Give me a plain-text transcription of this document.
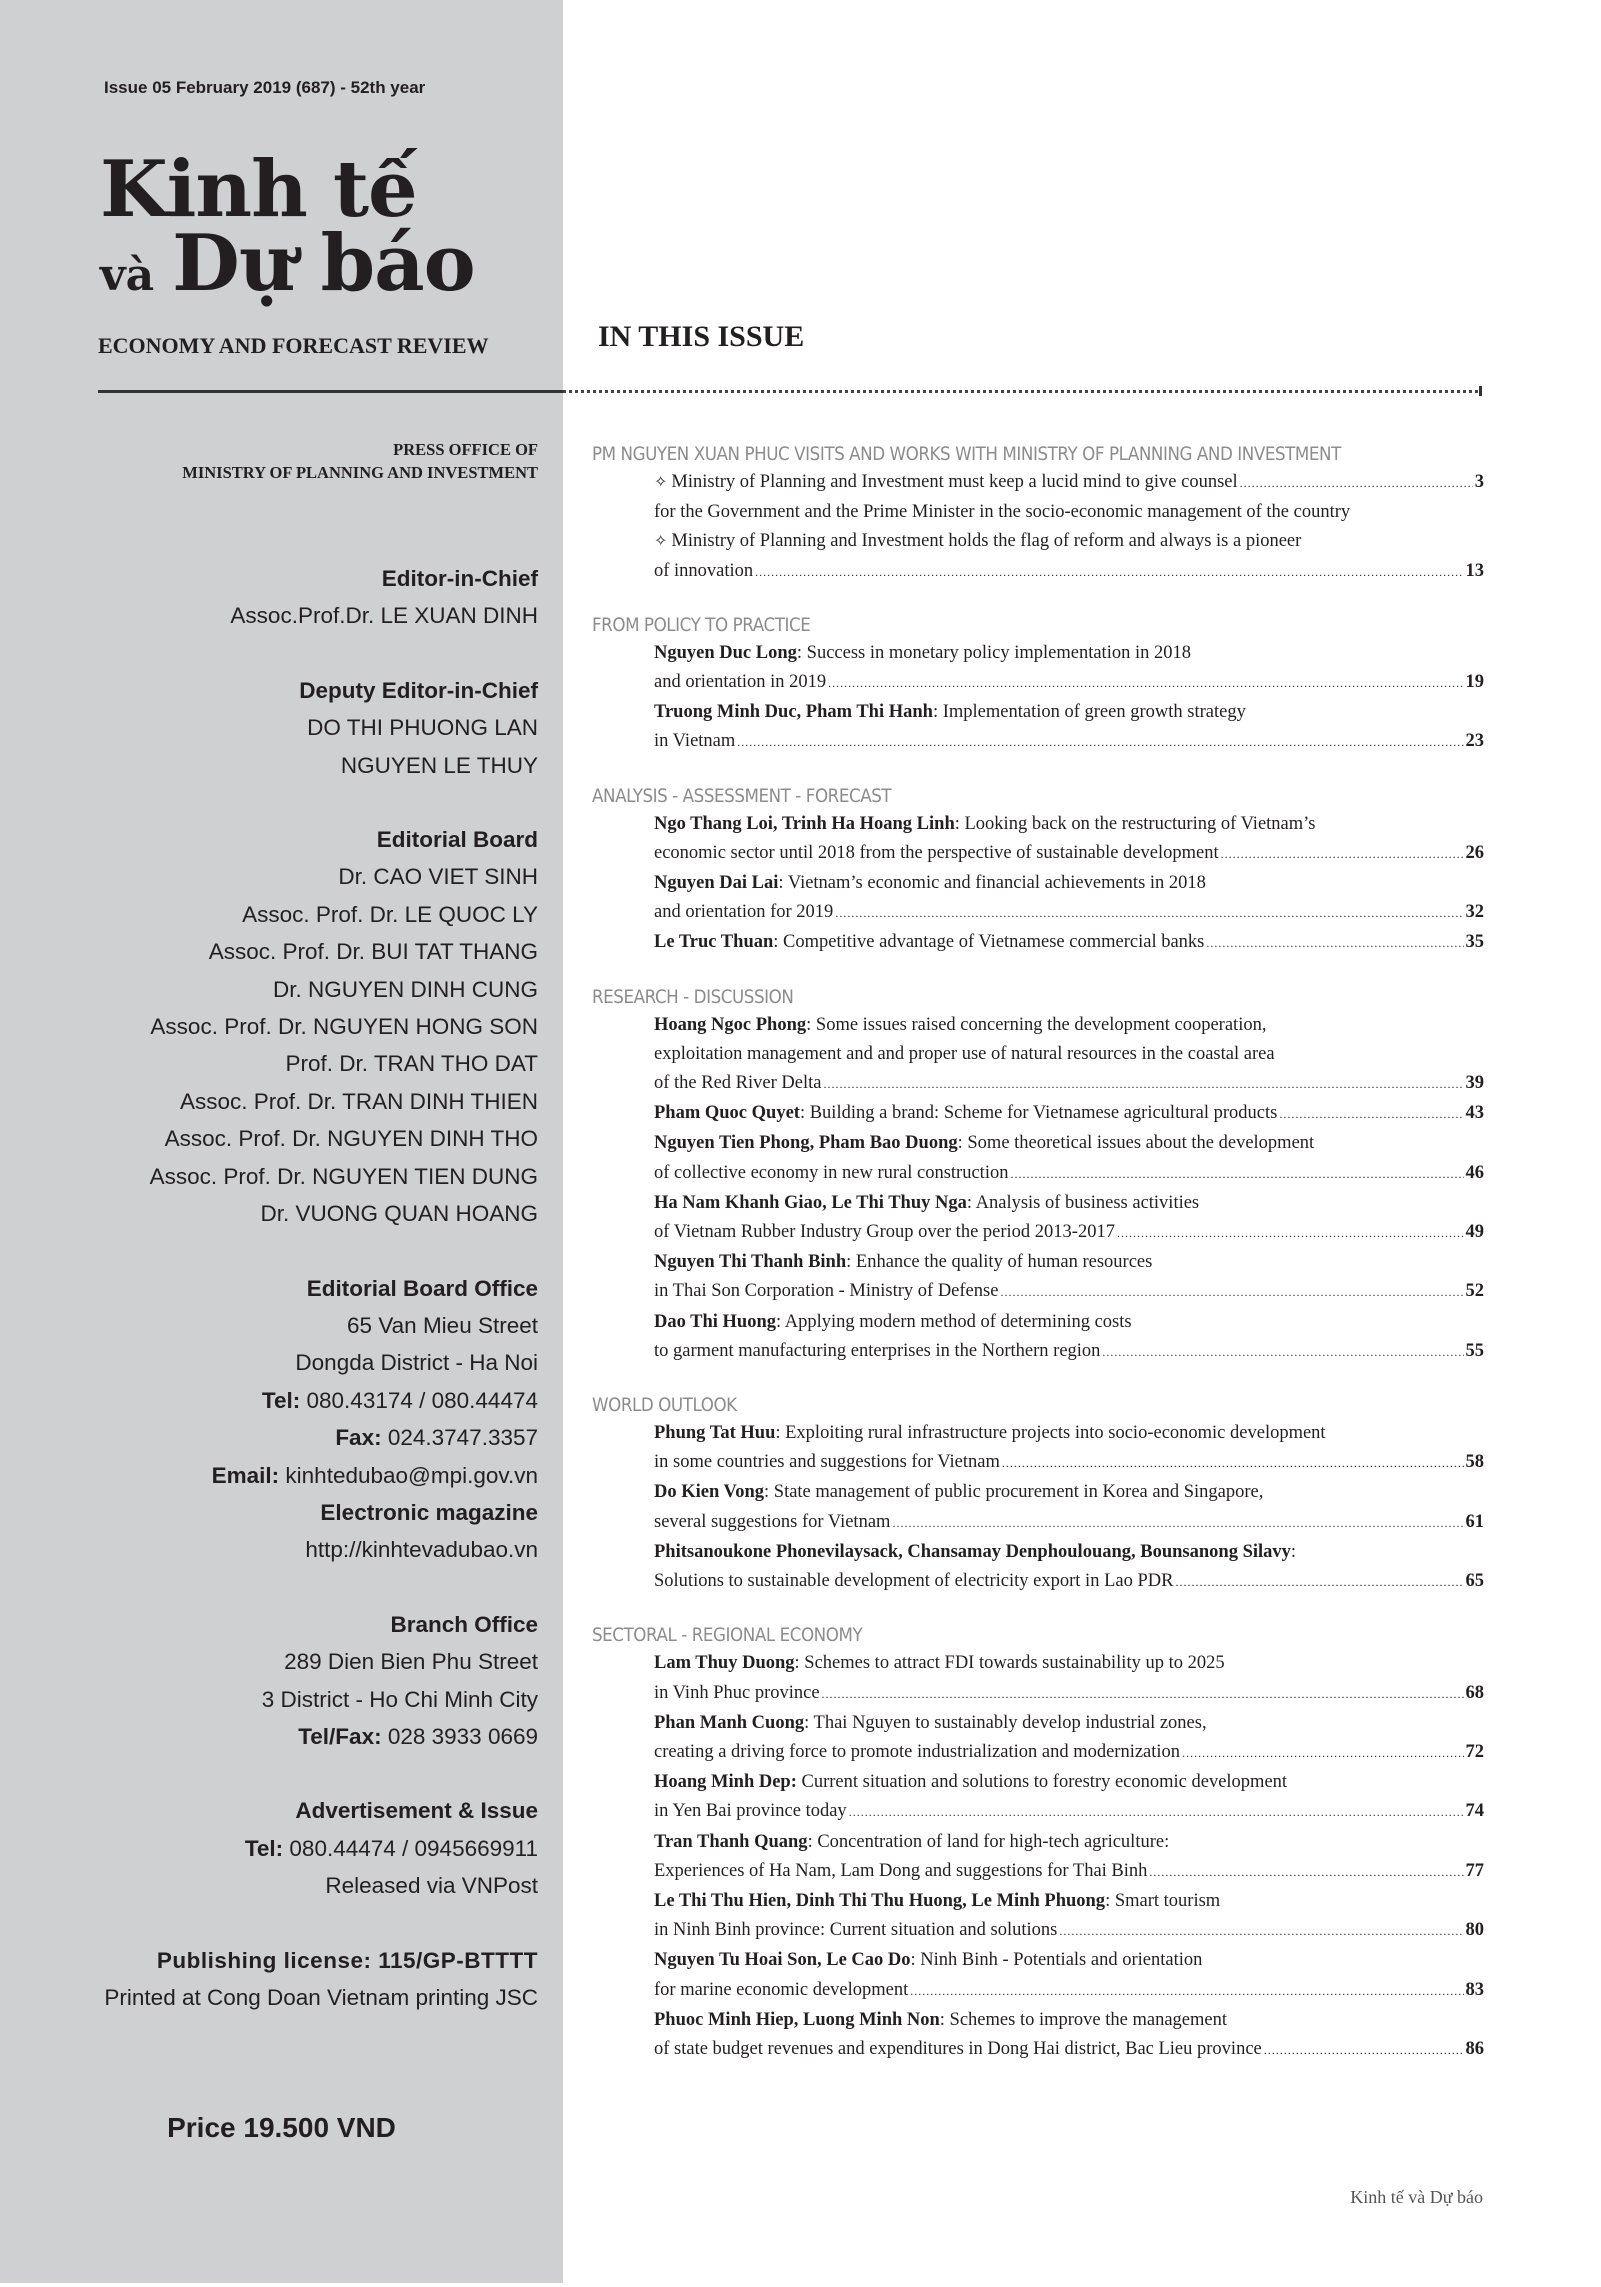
Issue 05 February 2019 (687) - 52th year
Kinh tế
và Dự báo
ECONOMY AND FORECAST REVIEW	IN THIS ISSUE
PRESS OFFICE OF
MINISTRY OF PLANNING AND INVESTMENT
Editor-in-Chief
Assoc.Prof.Dr. LE XUAN DINH
Deputy Editor-in-Chief
DO THI PHUONG LAN
NGUYEN LE THUY
Editorial Board
Dr. CAO VIET SINH
Assoc. Prof. Dr. LE QUOC LY
Assoc. Prof. Dr. BUI TAT THANG
Dr. NGUYEN DINH CUNG
Assoc. Prof. Dr. NGUYEN HONG SON
Prof. Dr. TRAN THO DAT
Assoc. Prof. Dr. TRAN DINH THIEN
Assoc. Prof. Dr. NGUYEN DINH THO
Assoc. Prof. Dr. NGUYEN TIEN DUNG
Dr. VUONG QUAN HOANG
Editorial Board Office
65 Van Mieu Street
Dongda District - Ha Noi
Tel: 080.43174 / 080.44474
Fax: 024.3747.3357
Email: kinhtedubao@mpi.gov.vn
Electronic magazine
http://kinhtevadubao.vn
Branch Office
289 Dien Bien Phu Street
3 District - Ho Chi Minh City
Tel/Fax: 028 3933 0669
Advertisement & Issue
Tel: 080.44474 / 0945669911
Released via VNPost
Publishing license: 115/GP-BTTTT
Printed at Cong Doan Vietnam printing JSC
Price 19.500 VND
PM NGUYEN XUAN PHUC VISITS AND WORKS WITH MINISTRY OF PLANNING AND INVESTMENT
✧ Ministry of Planning and Investment must keep a lucid mind to give counsel .....	3
for the Government and the Prime Minister in the socio-economic management of the country
✧ Ministry of Planning and Investment holds the flag of reform and always is a pioneer
of innovation .....	13
FROM POLICY TO PRACTICE
Nguyen Duc Long: Success in monetary policy implementation in 2018
and orientation in 2019 .....	19
Truong Minh Duc, Pham Thi Hanh: Implementation of green growth strategy
in Vietnam .....	23
ANALYSIS - ASSESSMENT - FORECAST
Ngo Thang Loi, Trinh Ha Hoang Linh: Looking back on the restructuring of Vietnam’s
economic sector until 2018 from the perspective of sustainable development .....	26
Nguyen Dai Lai: Vietnam’s economic and financial achievements in 2018
and orientation for 2019 .....	32
Le Truc Thuan: Competitive advantage of Vietnamese commercial banks .....	35
RESEARCH - DISCUSSION
Hoang Ngoc Phong: Some issues raised concerning the development cooperation,
exploitation management and and proper use of natural resources in the coastal area
of the Red River Delta .....	39
Pham Quoc Quyet: Building a brand: Scheme for Vietnamese agricultural products .....	43
Nguyen Tien Phong, Pham Bao Duong: Some theoretical issues about the development
of collective economy in new rural construction .....	46
Ha Nam Khanh Giao, Le Thi Thuy Nga: Analysis of business activities
of Vietnam Rubber Industry Group over the period 2013-2017 .....	49
Nguyen Thi Thanh Binh: Enhance the quality of human resources
in Thai Son Corporation - Ministry of Defense .....	52
Dao Thi Huong: Applying modern method of determining costs
to garment manufacturing enterprises in the Northern region .....	55
WORLD OUTLOOK
Phung Tat Huu: Exploiting rural infrastructure projects into socio-economic development
in some countries and suggestions for Vietnam .....	58
Do Kien Vong: State management of public procurement in Korea and Singapore,
several suggestions for Vietnam .....	61
Phitsanoukone Phonevilaysack, Chansamay Denphoulouang, Bounsanong Silavy:
Solutions to sustainable development of electricity export in Lao PDR .....	65
SECTORAL - REGIONAL ECONOMY
Lam Thuy Duong: Schemes to attract FDI towards sustainability up to 2025
in Vinh Phuc province .....	68
Phan Manh Cuong: Thai Nguyen to sustainably develop industrial zones,
creating a driving force to promote industrialization and modernization .....	72
Hoang Minh Dep: Current situation and solutions to forestry economic development
in Yen Bai province today .....	74
Tran Thanh Quang: Concentration of land for high-tech agriculture:
Experiences of Ha Nam, Lam Dong and suggestions for Thai Binh .....	77
Le Thi Thu Hien, Dinh Thi Thu Huong, Le Minh Phuong: Smart tourism
in Ninh Binh province: Current situation and solutions .....	80
Nguyen Tu Hoai Son, Le Cao Do: Ninh Binh - Potentials and orientation
for marine economic development .....	83
Phuoc Minh Hiep, Luong Minh Non: Schemes to improve the management
of state budget revenues and expenditures in Dong Hai district, Bac Lieu province .....	86
Kinh tế và Dự báo
